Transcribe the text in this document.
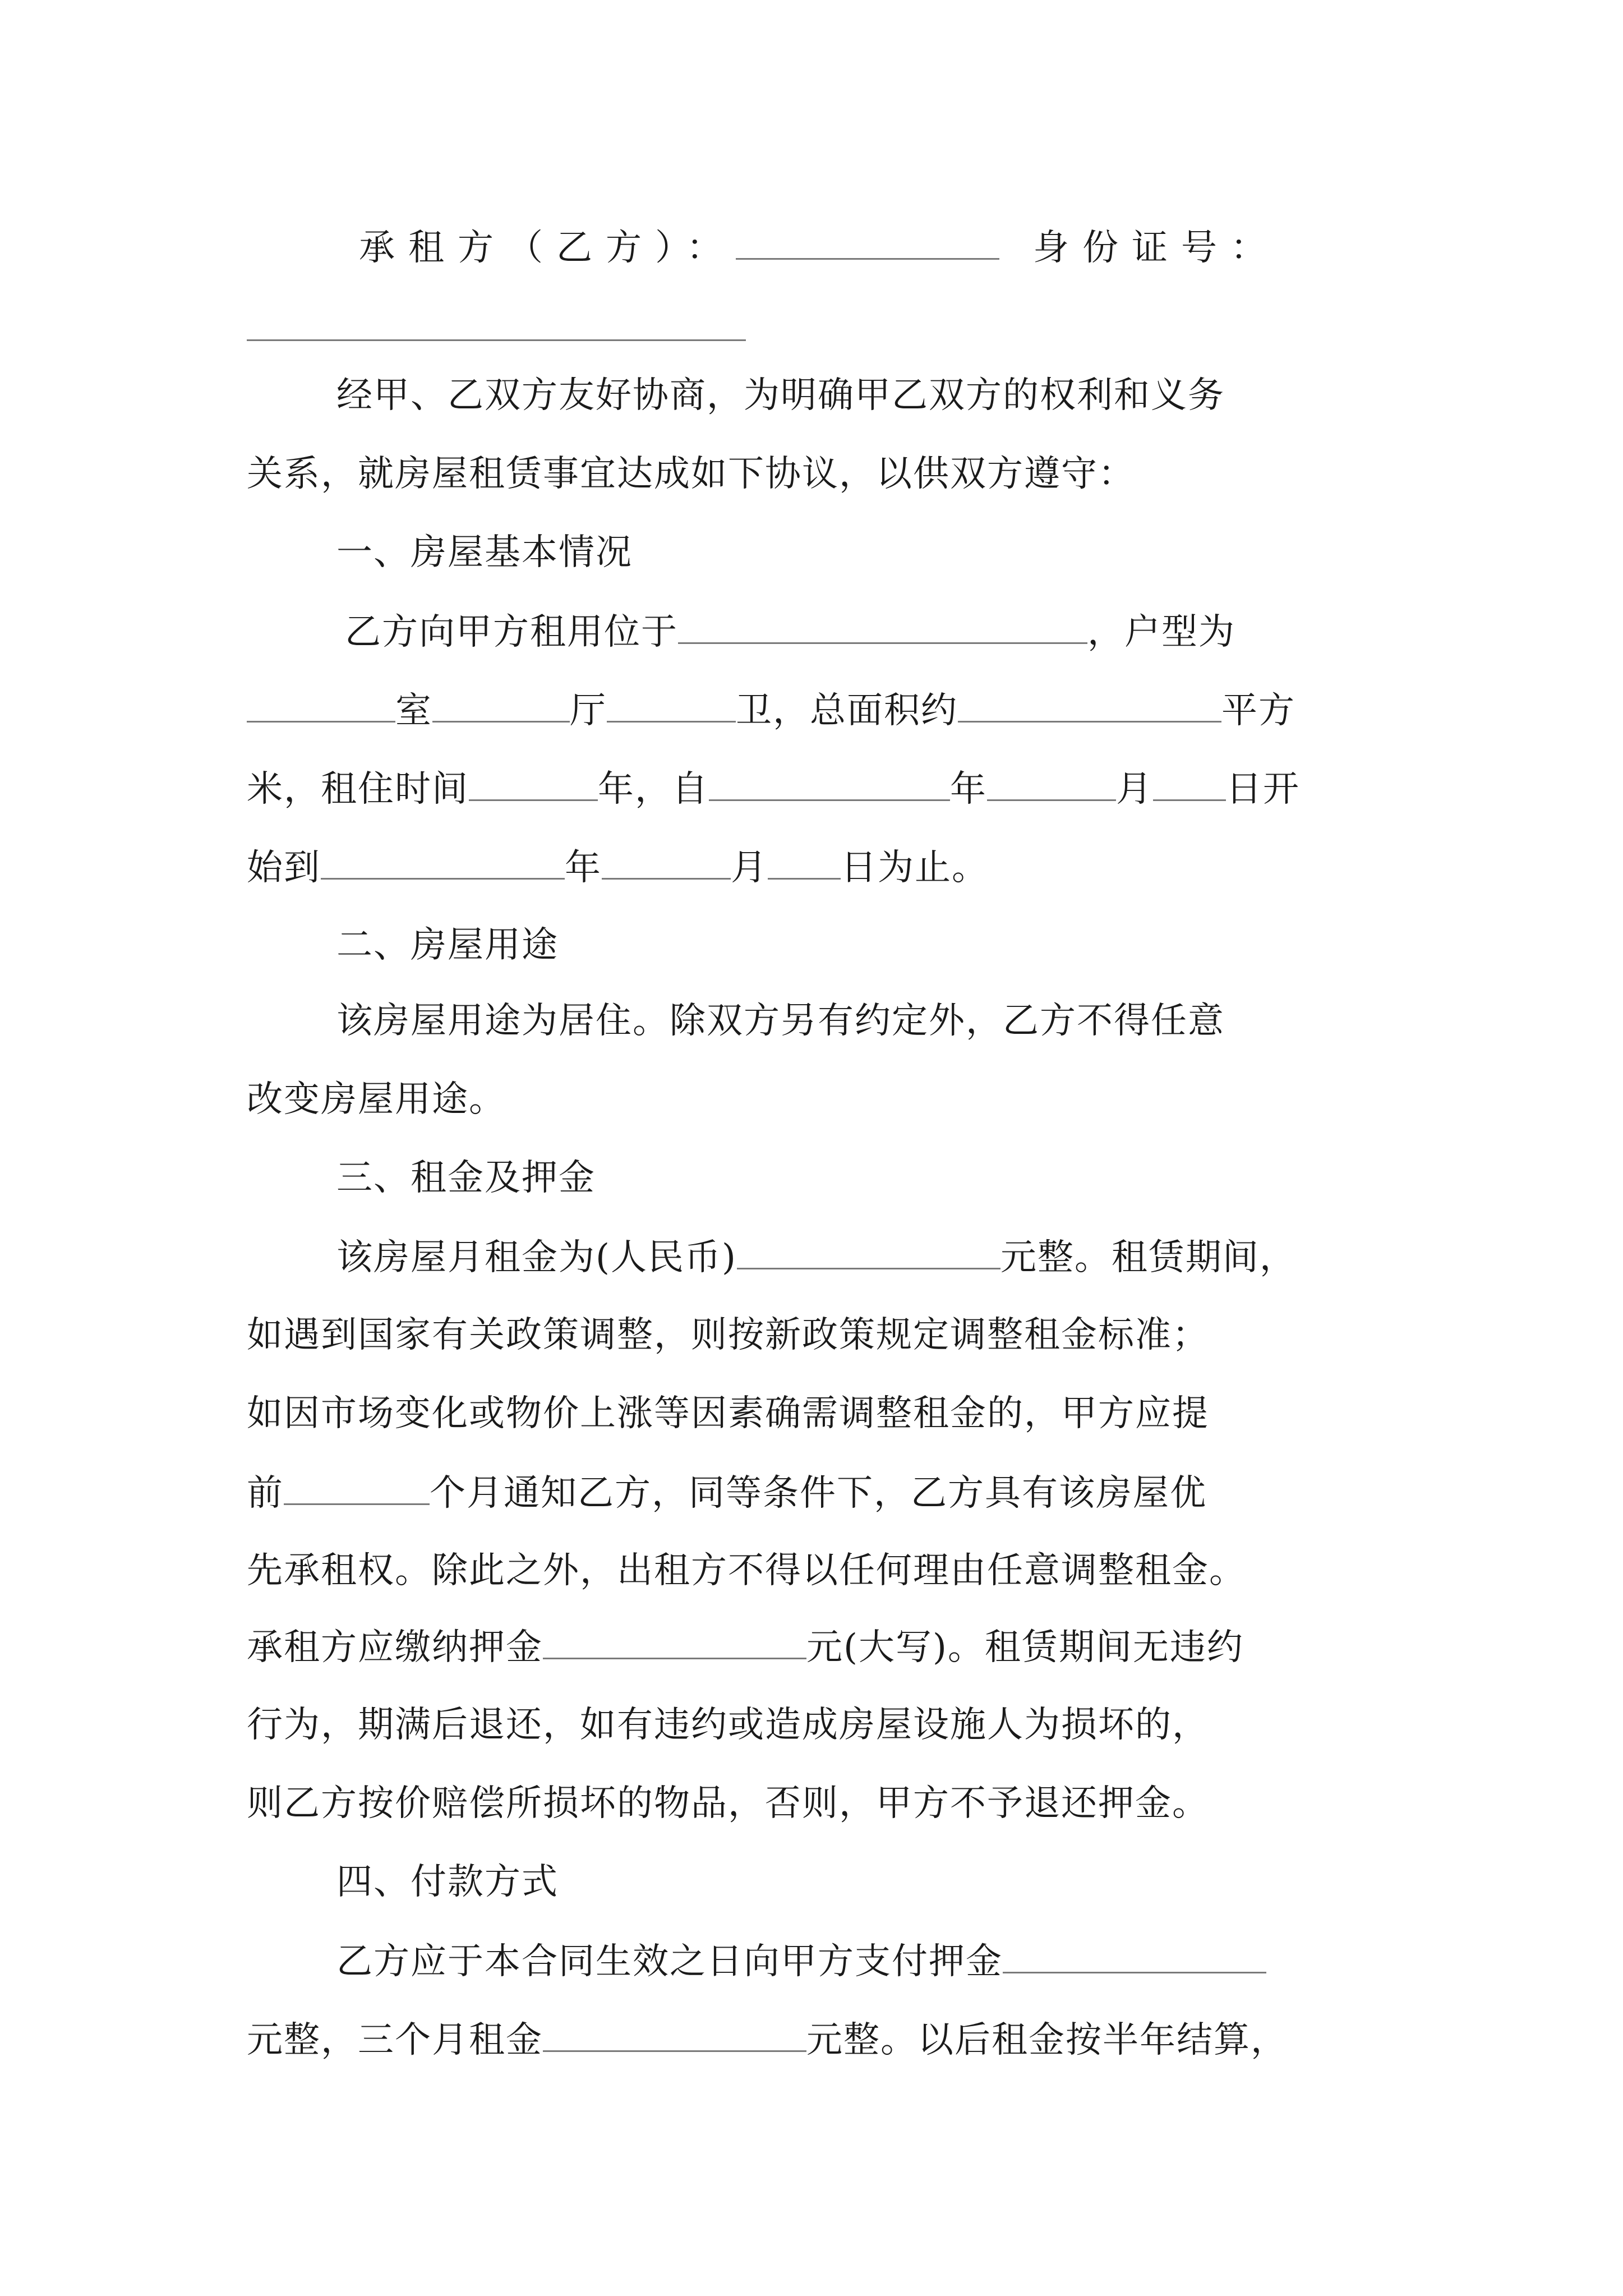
承租方（乙方）：	身份证号：
经甲、乙双方友好协商，为明确甲乙双方的权利和义务
关系，就房屋租赁事宜达成如下协议，以供双方遵守：
一、房屋基本情况
乙方向甲方租用位于	，户型为
室	厅	卫，总面积约	平方
米，租住时间	年，自	年	月 日开
始到	年	月 日为止。
二、房屋用途
该房屋用途为居住。除双方另有约定外，乙方不得任意
改变房屋用途。
三、租金及押金
该房屋月租金为(人民币)	元整。租赁期间，
如遇到国家有关政策调整，则按新政策规定调整租金标准；
如因市场变化或物价上涨等因素确需调整租金的，甲方应提
前	个月通知乙方，同等条件下，乙方具有该房屋优
先承租权。除此之外，出租方不得以任何理由任意调整租金。
承租方应缴纳押金	元(大写)。租赁期间无违约
行为，期满后退还，如有违约或造成房屋设施人为损坏的，
则乙方按价赔偿所损坏的物品，否则，甲方不予退还押金。
四、付款方式
乙方应于本合同生效之日向甲方支付押金
元整，三个月租金	元整。以后租金按半年结算，
